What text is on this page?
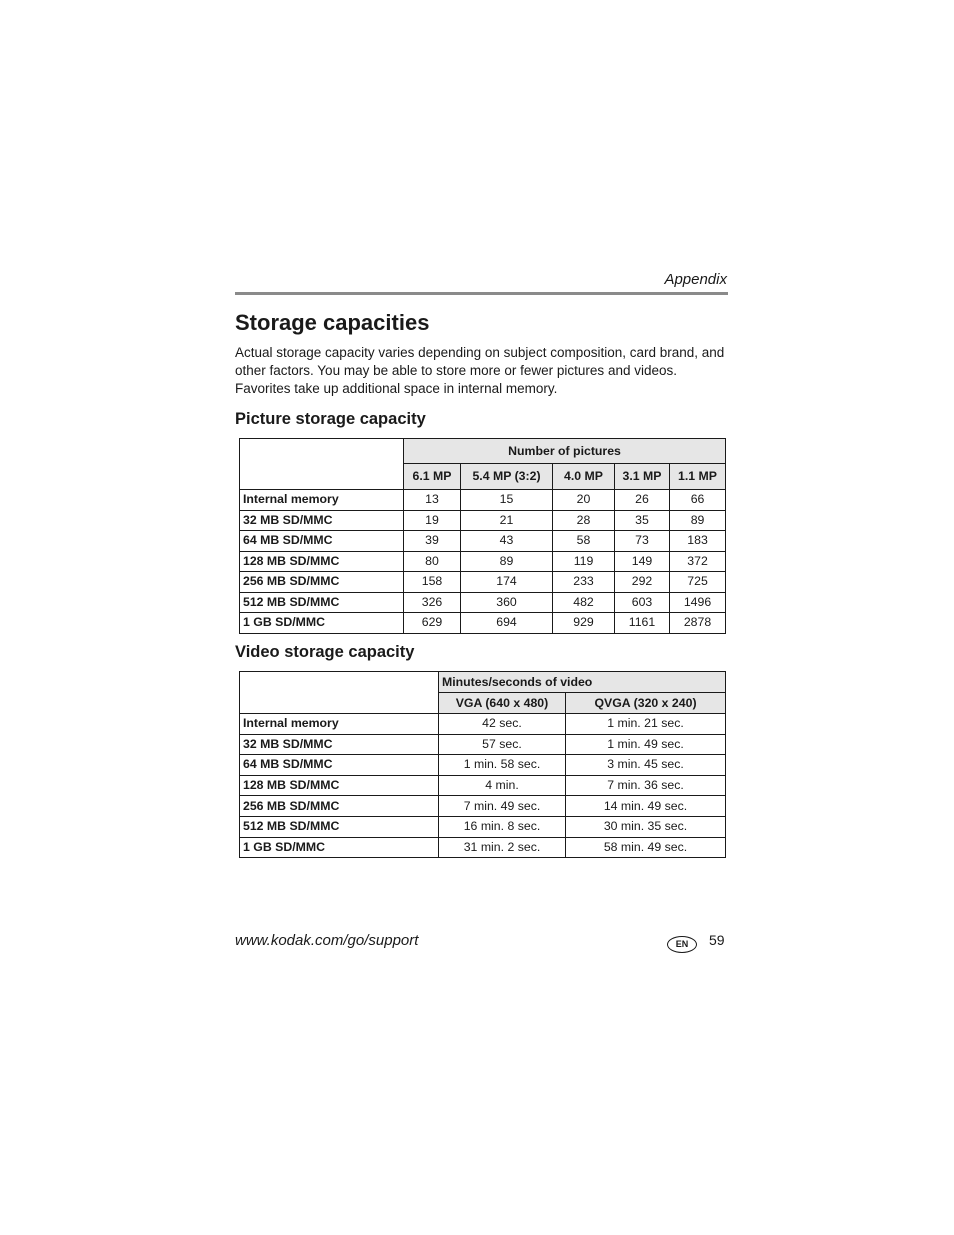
Appendix
Storage capacities

Actual storage capacity varies depending on subject composition, card brand, and other factors. You may be able to store more or fewer pictures and videos. Favorites take up additional space in internal memory.

Picture storage capacity
	Number of pictures				
	6.1 MP	5.4 MP (3:2)	4.0 MP	3.1 MP	1.1 MP
Internal memory	13	15	20	26	66
32 MB SD/MMC	19	21	28	35	89
64 MB SD/MMC	39	43	58	73	183
128 MB SD/MMC	80	89	119	149	372
256 MB SD/MMC	158	174	233	292	725
512 MB SD/MMC	326	360	482	603	1496
1 GB SD/MMC	629	694	929	1161	2878
Video storage capacity
	Minutes/seconds of video	
	VGA (640 x 480)	QVGA (320 x 240)
Internal memory	42 sec.	1 min. 21 sec.
32 MB SD/MMC	57 sec.	1 min. 49 sec.
64 MB SD/MMC	1 min. 58 sec.	3 min. 45 sec.
128 MB SD/MMC	4 min.	7 min. 36 sec.
256 MB SD/MMC	7 min. 49 sec.	14 min. 49 sec.
512 MB SD/MMC	16 min. 8 sec.	30 min. 35 sec.
1 GB SD/MMC	31 min. 2 sec.	58 min. 49 sec.
www.kodak.com/go/support	EN	59
